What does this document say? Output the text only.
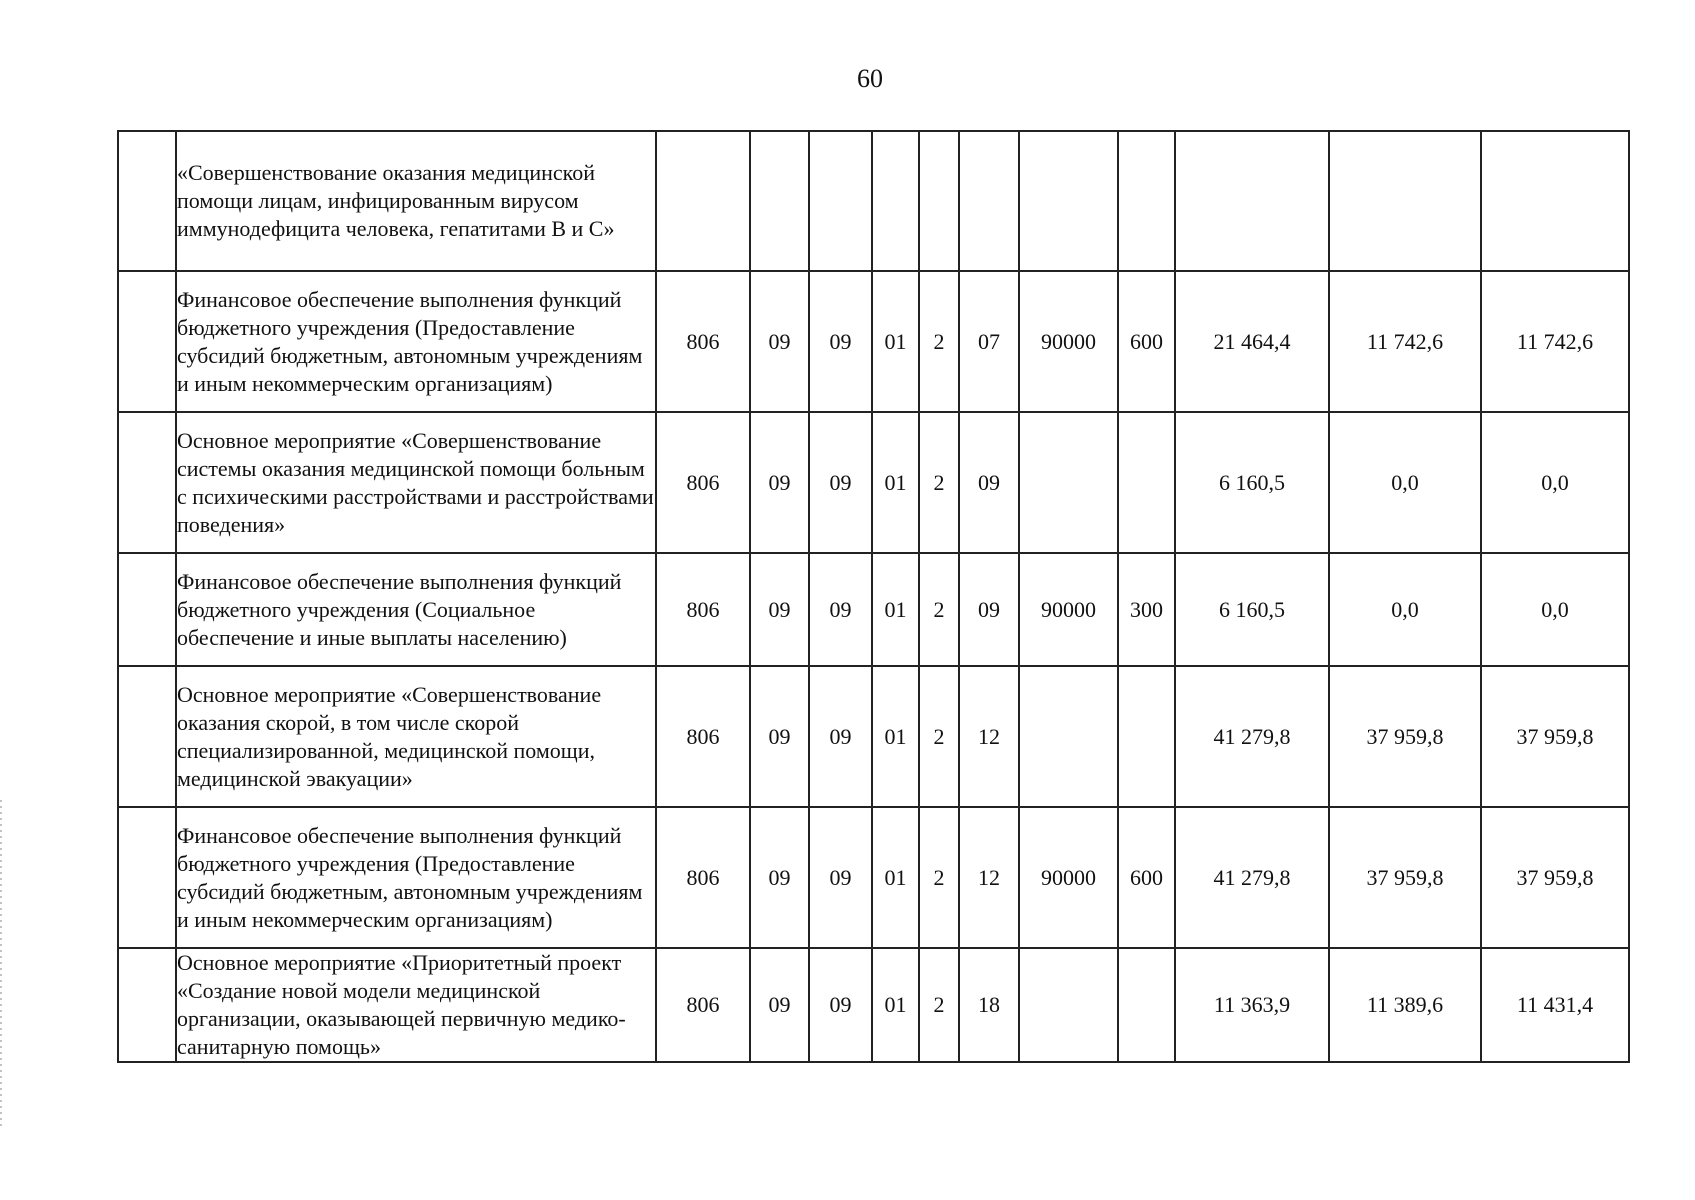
60
	«Совершенствование оказания медицинской помощи лицам, инфицированным вирусом иммунодефицита человека, гепатитами В и С»											
	Финансовое обеспечение выполнения функций бюджетного учреждения (Предоставление субсидий бюджетным, автономным учреждениям и иным некоммерческим организациям)	806	09	09	01	2	07	90000	600	21 464,4	11 742,6	11 742,6
	Основное мероприятие «Совершенствование системы оказания медицинской помощи больным с психическими расстройствами и расстройствами поведения»	806	09	09	01	2	09			6 160,5	0,0	0,0
	Финансовое обеспечение выполнения функций бюджетного учреждения (Социальное обеспечение и иные выплаты населению)	806	09	09	01	2	09	90000	300	6 160,5	0,0	0,0
	Основное мероприятие «Совершенствование оказания скорой, в том числе скорой специализированной, медицинской помощи, медицинской эвакуации»	806	09	09	01	2	12			41 279,8	37 959,8	37 959,8
	Финансовое обеспечение выполнения функций бюджетного учреждения (Предоставление субсидий бюджетным, автономным учреждениям и иным некоммерческим организациям)	806	09	09	01	2	12	90000	600	41 279,8	37 959,8	37 959,8
	Основное мероприятие «Приоритетный проект «Создание новой модели медицинской организации, оказывающей первичную медико-санитарную помощь»	806	09	09	01	2	18			11 363,9	11 389,6	11 431,4
